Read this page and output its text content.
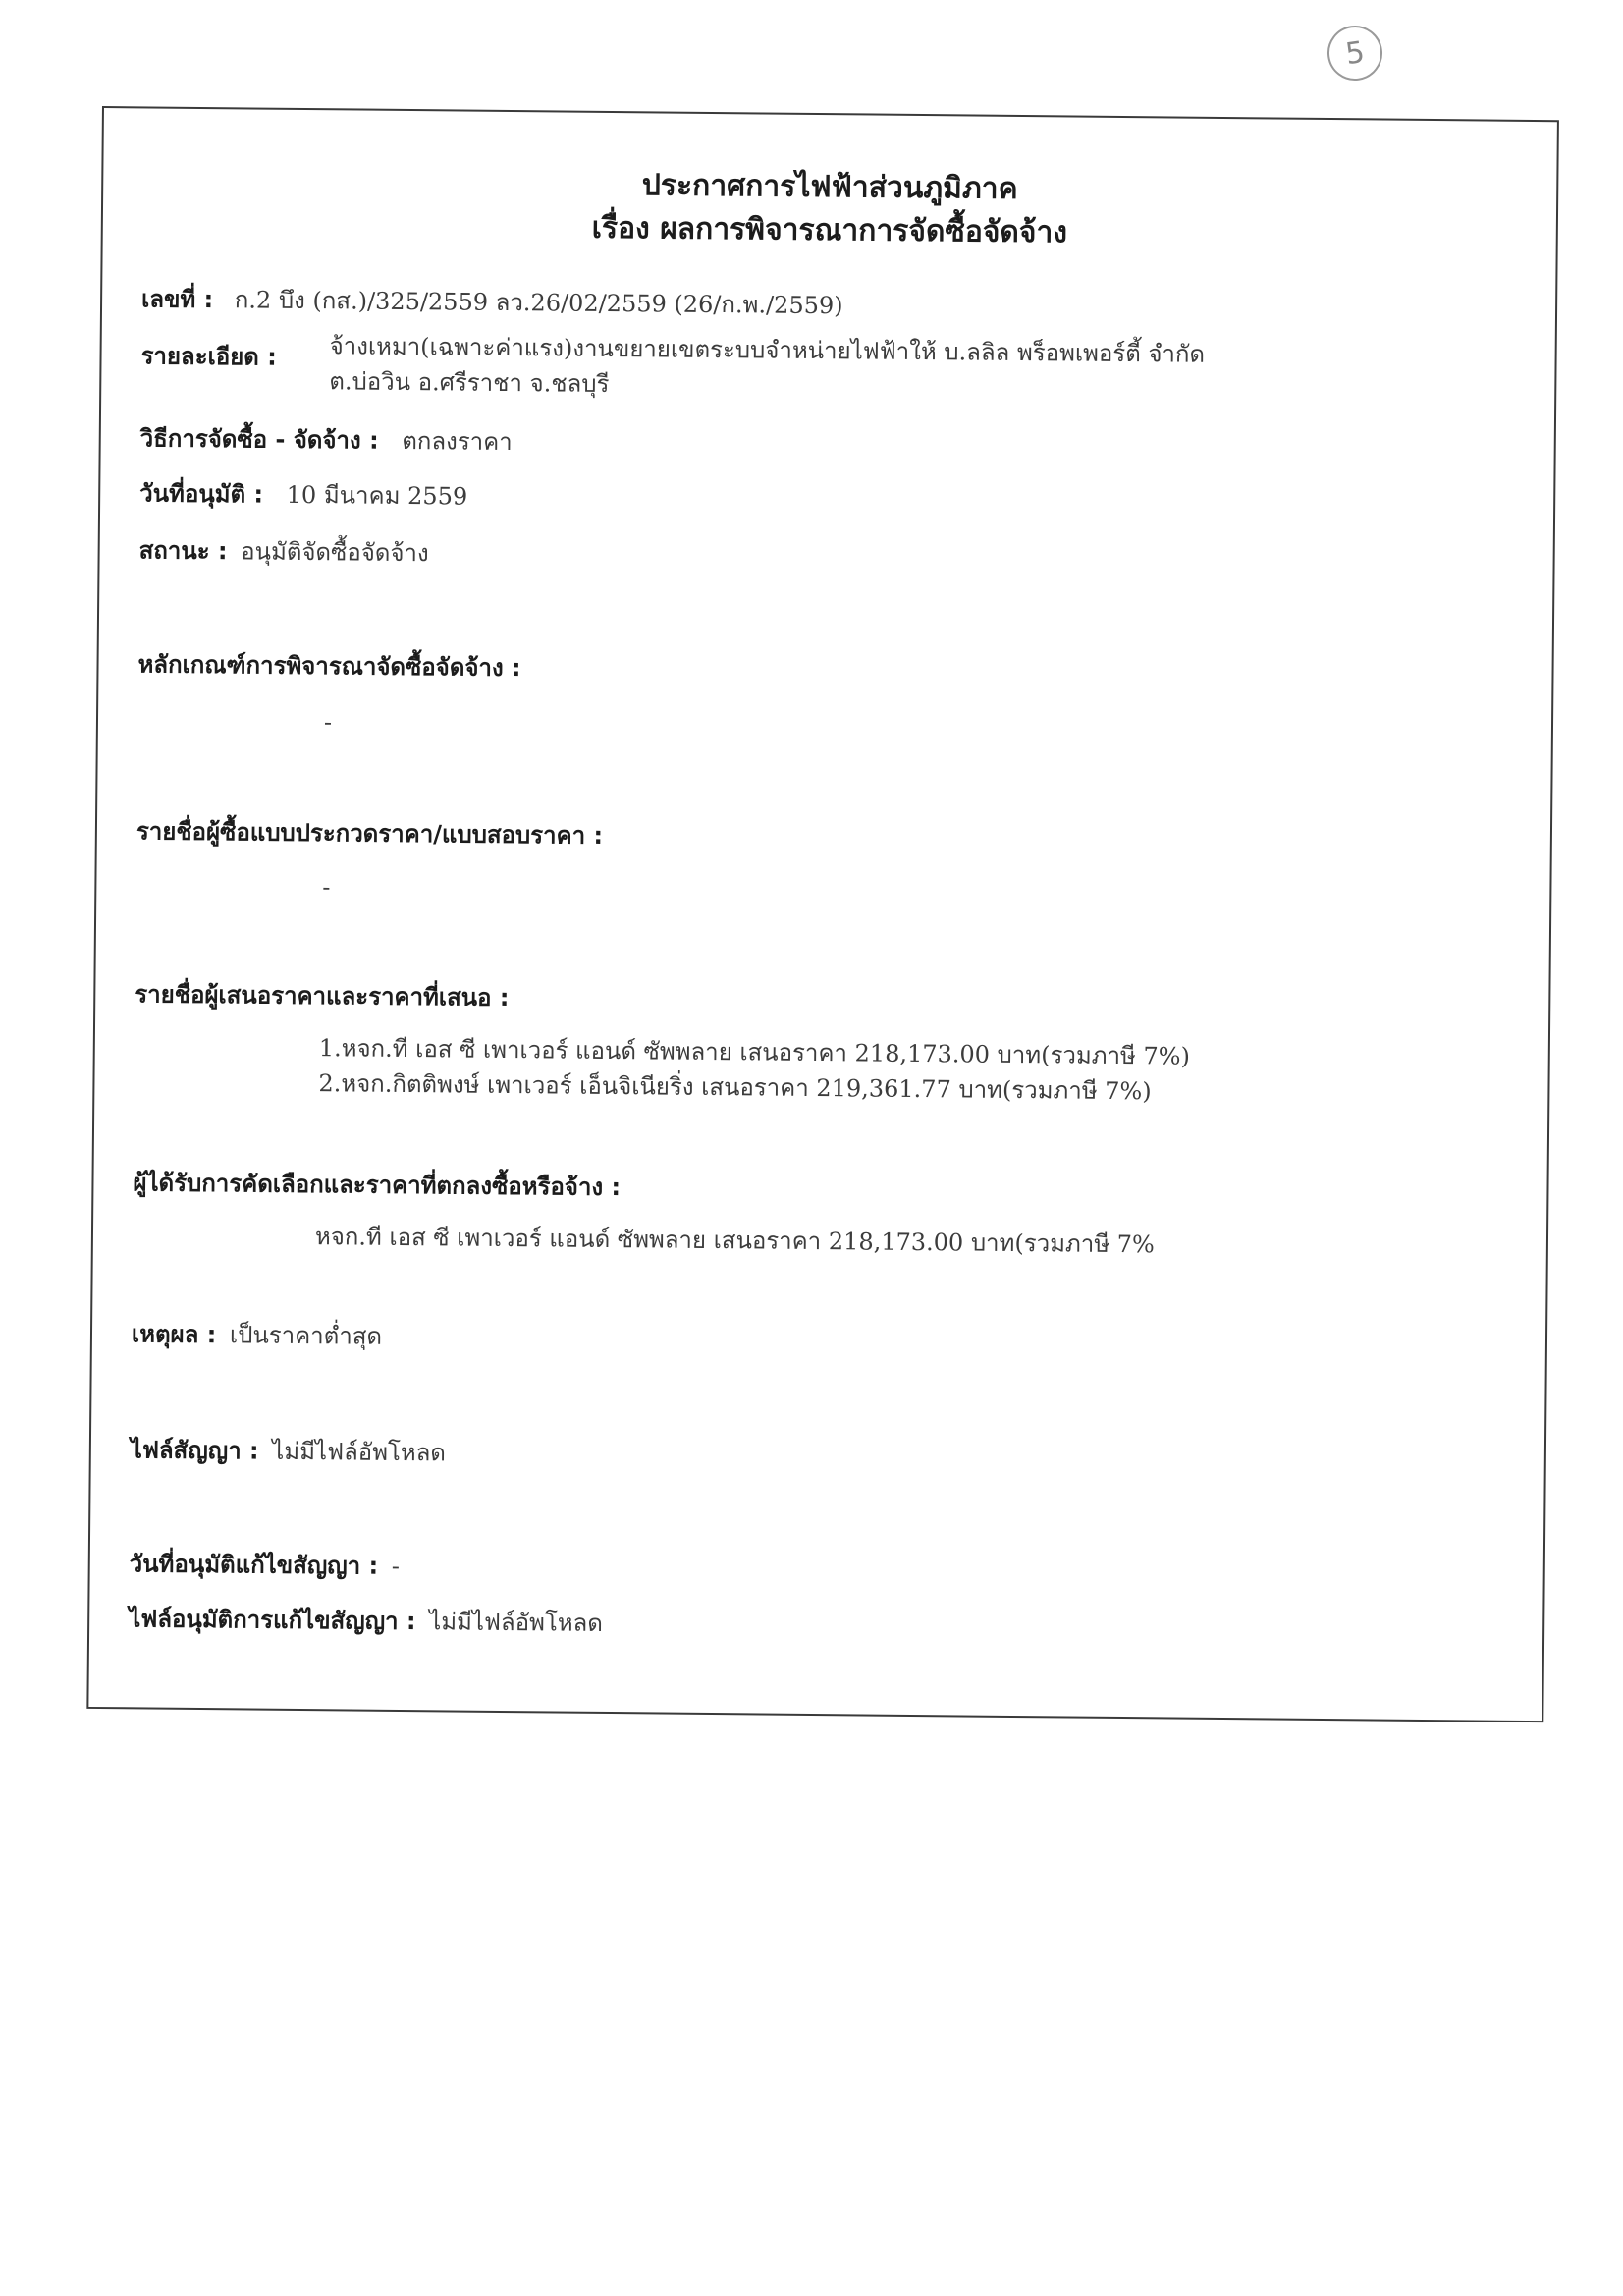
5
ประกาศการไฟฟ้าส่วนภูมิภาค
เรื่อง ผลการพิจารณาการจัดซื้อจัดจ้าง
เลขที่ : ก.2 บึง (กส.)/325/2559 ลว.26/02/2559 (26/ก.พ./2559)
รายละเอียด : จ้างเหมา(เฉพาะค่าแรง)งานขยายเขตระบบจำหน่ายไฟฟ้าให้ บ.ลลิล พร็อพเพอร์ตี้ จำกัด
ต.บ่อวิน อ.ศรีราชา จ.ชลบุรี
วิธีการจัดซื้อ - จัดจ้าง : ตกลงราคา
วันที่อนุมัติ : 10 มีนาคม 2559
สถานะ : อนุมัติจัดซื้อจัดจ้าง
หลักเกณฑ์การพิจารณาจัดซื้อจัดจ้าง :
-
รายชื่อผู้ซื้อแบบประกวดราคา/แบบสอบราคา :
-
รายชื่อผู้เสนอราคาและราคาที่เสนอ :
1.หจก.ที เอส ซี เพาเวอร์ แอนด์ ซัพพลาย เสนอราคา 218,173.00 บาท(รวมภาษี 7%)
2.หจก.กิตติพงษ์ เพาเวอร์ เอ็นจิเนียริ่ง เสนอราคา 219,361.77 บาท(รวมภาษี 7%)
ผู้ได้รับการคัดเลือกและราคาที่ตกลงซื้อหรือจ้าง :
หจก.ที เอส ซี เพาเวอร์ แอนด์ ซัพพลาย เสนอราคา 218,173.00 บาท(รวมภาษี 7%
เหตุผล : เป็นราคาต่ำสุด
ไฟล์สัญญา : ไม่มีไฟล์อัพโหลด
วันที่อนุมัติแก้ไขสัญญา : -
ไฟล์อนุมัติการแก้ไขสัญญา : ไม่มีไฟล์อัพโหลด
